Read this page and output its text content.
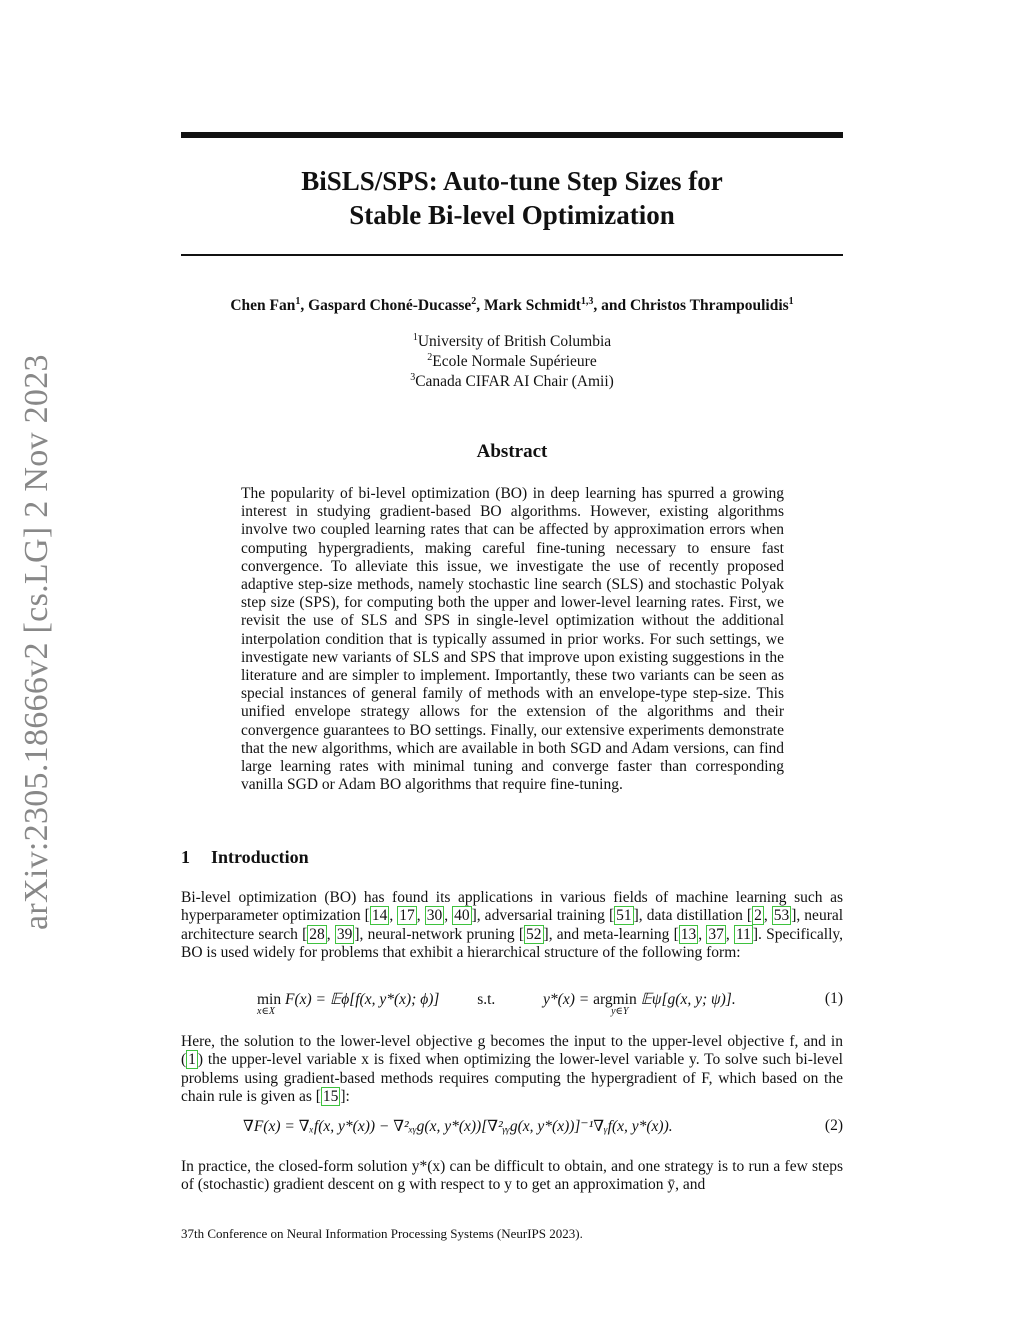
arXiv:2305.18666v2 [cs.LG] 2 Nov 2023
BiSLS/SPS: Auto-tune Step Sizes for
Stable Bi-level Optimization
Chen Fan$^1$, Gaspard Choné-Ducasse$^2$, Mark Schmidt$^{1,3}$, and Christos Thrampoulidis$^1$
$^1$University of British Columbia
$^2$Ecole Normale Supérieure
$^3$Canada CIFAR AI Chair (Amii)
Abstract
The popularity of bi-level optimization (BO) in deep learning has spurred a growing interest in studying gradient-based BO algorithms. However, existing algorithms involve two coupled learning rates that can be affected by approximation errors when computing hypergradients, making careful fine-tuning necessary to ensure fast convergence. To alleviate this issue, we investigate the use of recently proposed adaptive step-size methods, namely stochastic line search (SLS) and stochastic Polyak step size (SPS), for computing both the upper and lower-level learning rates. First, we revisit the use of SLS and SPS in single-level optimization without the additional interpolation condition that is typically assumed in prior works. For such settings, we investigate new variants of SLS and SPS that improve upon existing suggestions in the literature and are simpler to implement. Importantly, these two variants can be seen as special instances of general family of methods with an envelope-type step-size. This unified envelope strategy allows for the extension of the algorithms and their convergence guarantees to BO settings. Finally, our extensive experiments demonstrate that the new algorithms, which are available in both SGD and Adam versions, can find large learning rates with minimal tuning and converge faster than corresponding vanilla SGD or Adam BO algorithms that require fine-tuning.
1 Introduction
Bi-level optimization (BO) has found its applications in various fields of machine learning such as hyperparameter optimization [ 14 , 17 , 30 , 40 ], adversarial training [ 51 ], data distillation [ 2 , 53 ], neural architecture search [ 28 , 39 ], neural-network pruning [ 52 ], and meta-learning [ 13 , 37 , 11 ]. Specifically, BO is used widely for problems that exhibit a hierarchical structure of the following form:
min
x∈X
F(x) = 𝔼ϕ[f(x, y*(x); ϕ)] s.t.	y*(x) = argmin
y∈Y
𝔼ψ[g(x, y; ψ)].	(1)
Here, the solution to the lower-level objective g becomes the input to the upper-level objective f, and in ( 1 ) the upper-level variable x is fixed when optimizing the lower-level variable y. To solve such bi-level problems using gradient-based methods requires computing the hypergradient of F, which based on the chain rule is given as [ 15 ]:
∇F(x) = ∇ₓf(x, y*(x)) − ∇²ₓᵧg(x, y*(x))[∇²ᵧᵧg(x, y*(x))]⁻¹∇ᵧf(x, y*(x)).	(2)
In practice, the closed-form solution y*(x) can be difficult to obtain, and one strategy is to run a few steps of (stochastic) gradient descent on g with respect to y to get an approximation ȳ, and
37th Conference on Neural Information Processing Systems (NeurIPS 2023).
